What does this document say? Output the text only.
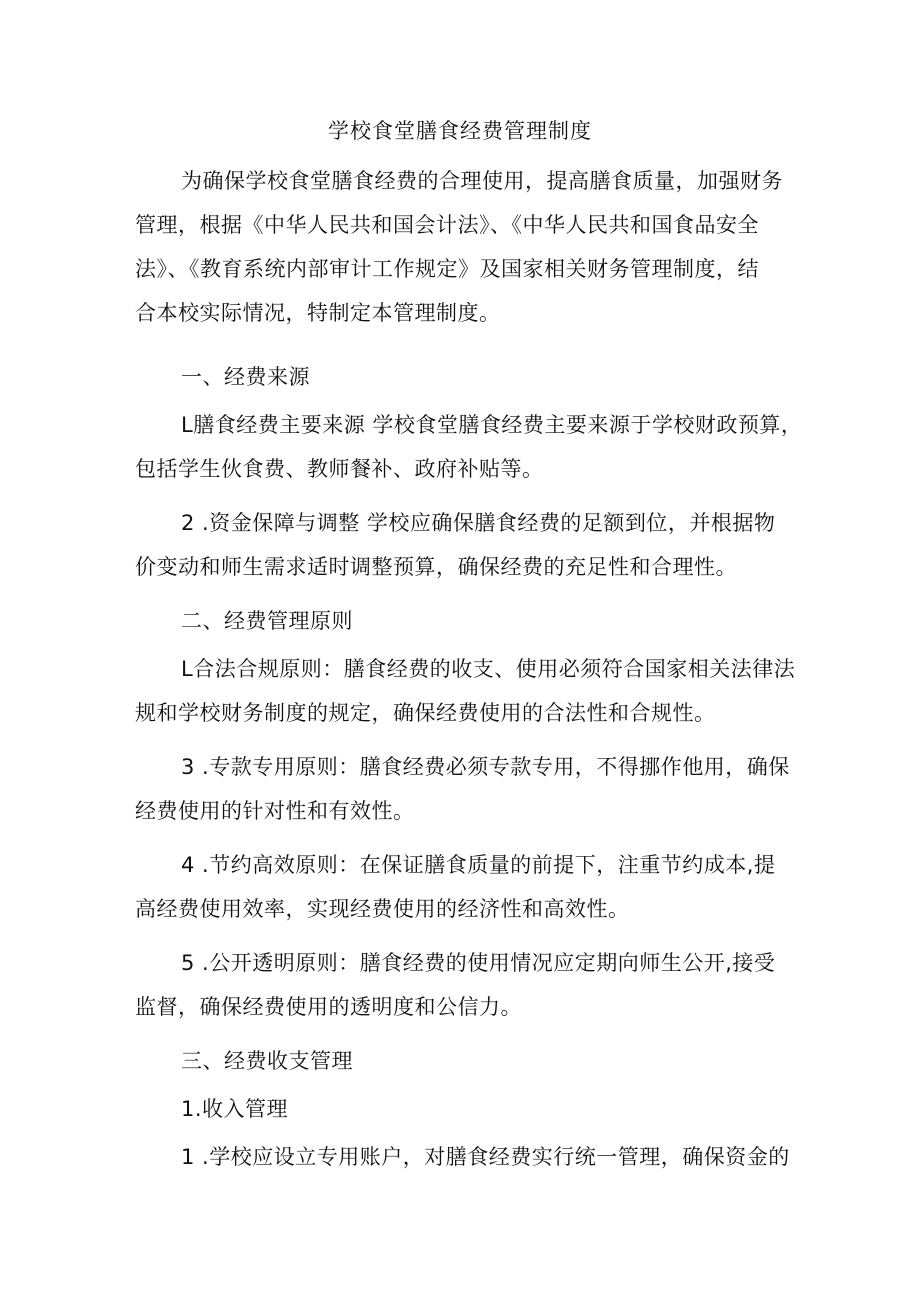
学校食堂膳食经费管理制度
为确保学校食堂膳食经费的合理使用，提高膳食质量，加强财务
管理，根据《中华人民共和国会计法》、《中华人民共和国食品安全
法》、《教育系统内部审计工作规定》及国家相关财务管理制度，结
合本校实际情况，特制定本管理制度。
一、经费来源
L膳食经费主要来源 学校食堂膳食经费主要来源于学校财政预算，
包括学生伙食费、教师餐补、政府补贴等。
2 .资金保障与调整 学校应确保膳食经费的足额到位，并根据物
价变动和师生需求适时调整预算，确保经费的充足性和合理性。
二、经费管理原则
L合法合规原则：膳食经费的收支、使用必须符合国家相关法律法
规和学校财务制度的规定，确保经费使用的合法性和合规性。
3 .专款专用原则：膳食经费必须专款专用，不得挪作他用，确保
经费使用的针对性和有效性。
4 .节约高效原则：在保证膳食质量的前提下，注重节约成本,提
高经费使用效率，实现经费使用的经济性和高效性。
5 .公开透明原则：膳食经费的使用情况应定期向师生公开,接受
监督，确保经费使用的透明度和公信力。
三、经费收支管理
1.收入管理
1 .学校应设立专用账户，对膳食经费实行统一管理，确保资金的
